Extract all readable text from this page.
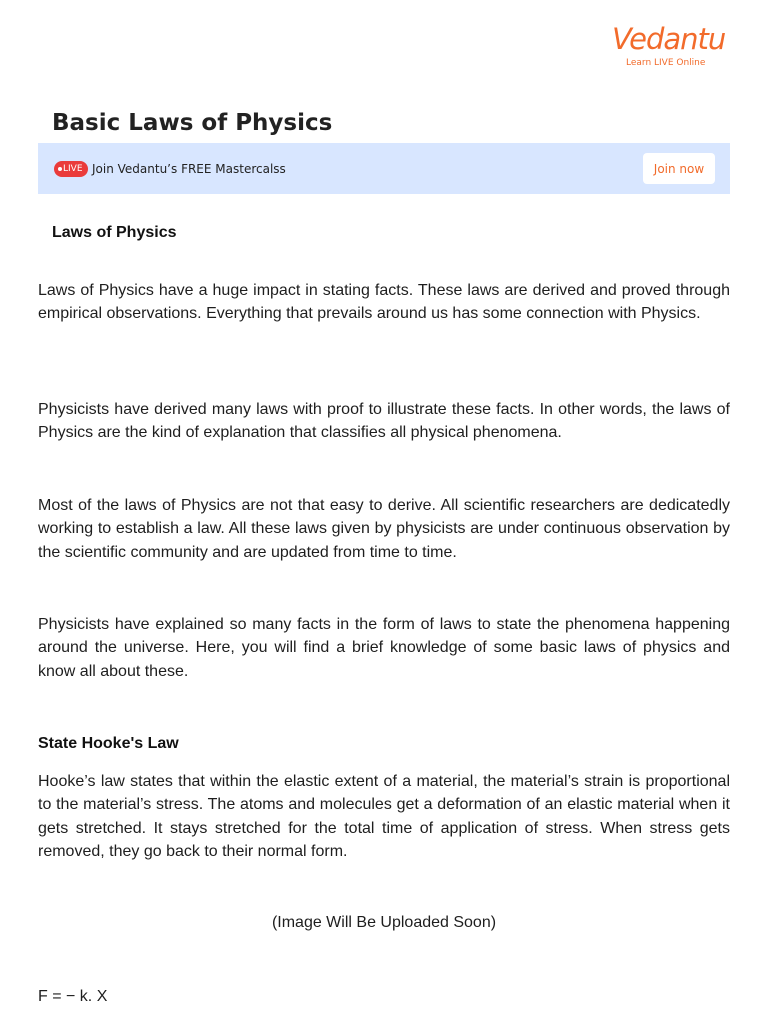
Vedantu
Learn LIVE Online
Basic Laws of Physics
LIVE Join Vedantu’s FREE Mastercalss	Join now
Laws of Physics

Laws of Physics have a huge impact in stating facts. These laws are derived and proved through empirical observations. Everything that prevails around us has some connection with Physics.

Physicists have derived many laws with proof to illustrate these facts. In other words, the laws of Physics are the kind of explanation that classifies all physical phenomena.

Most of the laws of Physics are not that easy to derive. All scientific researchers are dedicatedly working to establish a law. All these laws given by physicists are under continuous observation by the scientific community and are updated from time to time.

Physicists have explained so many facts in the form of laws to state the phenomena happening around the universe. Here, you will find a brief knowledge of some basic laws of physics and know all about these.

State Hooke's Law

Hooke’s law states that within the elastic extent of a material, the material’s strain is proportional to the material’s stress. The atoms and molecules get a deformation of an elastic material when it gets stretched. It stays stretched for the total time of application of stress. When stress gets removed, they go back to their normal form.

(Image Will Be Uploaded Soon)
F = − k. X
